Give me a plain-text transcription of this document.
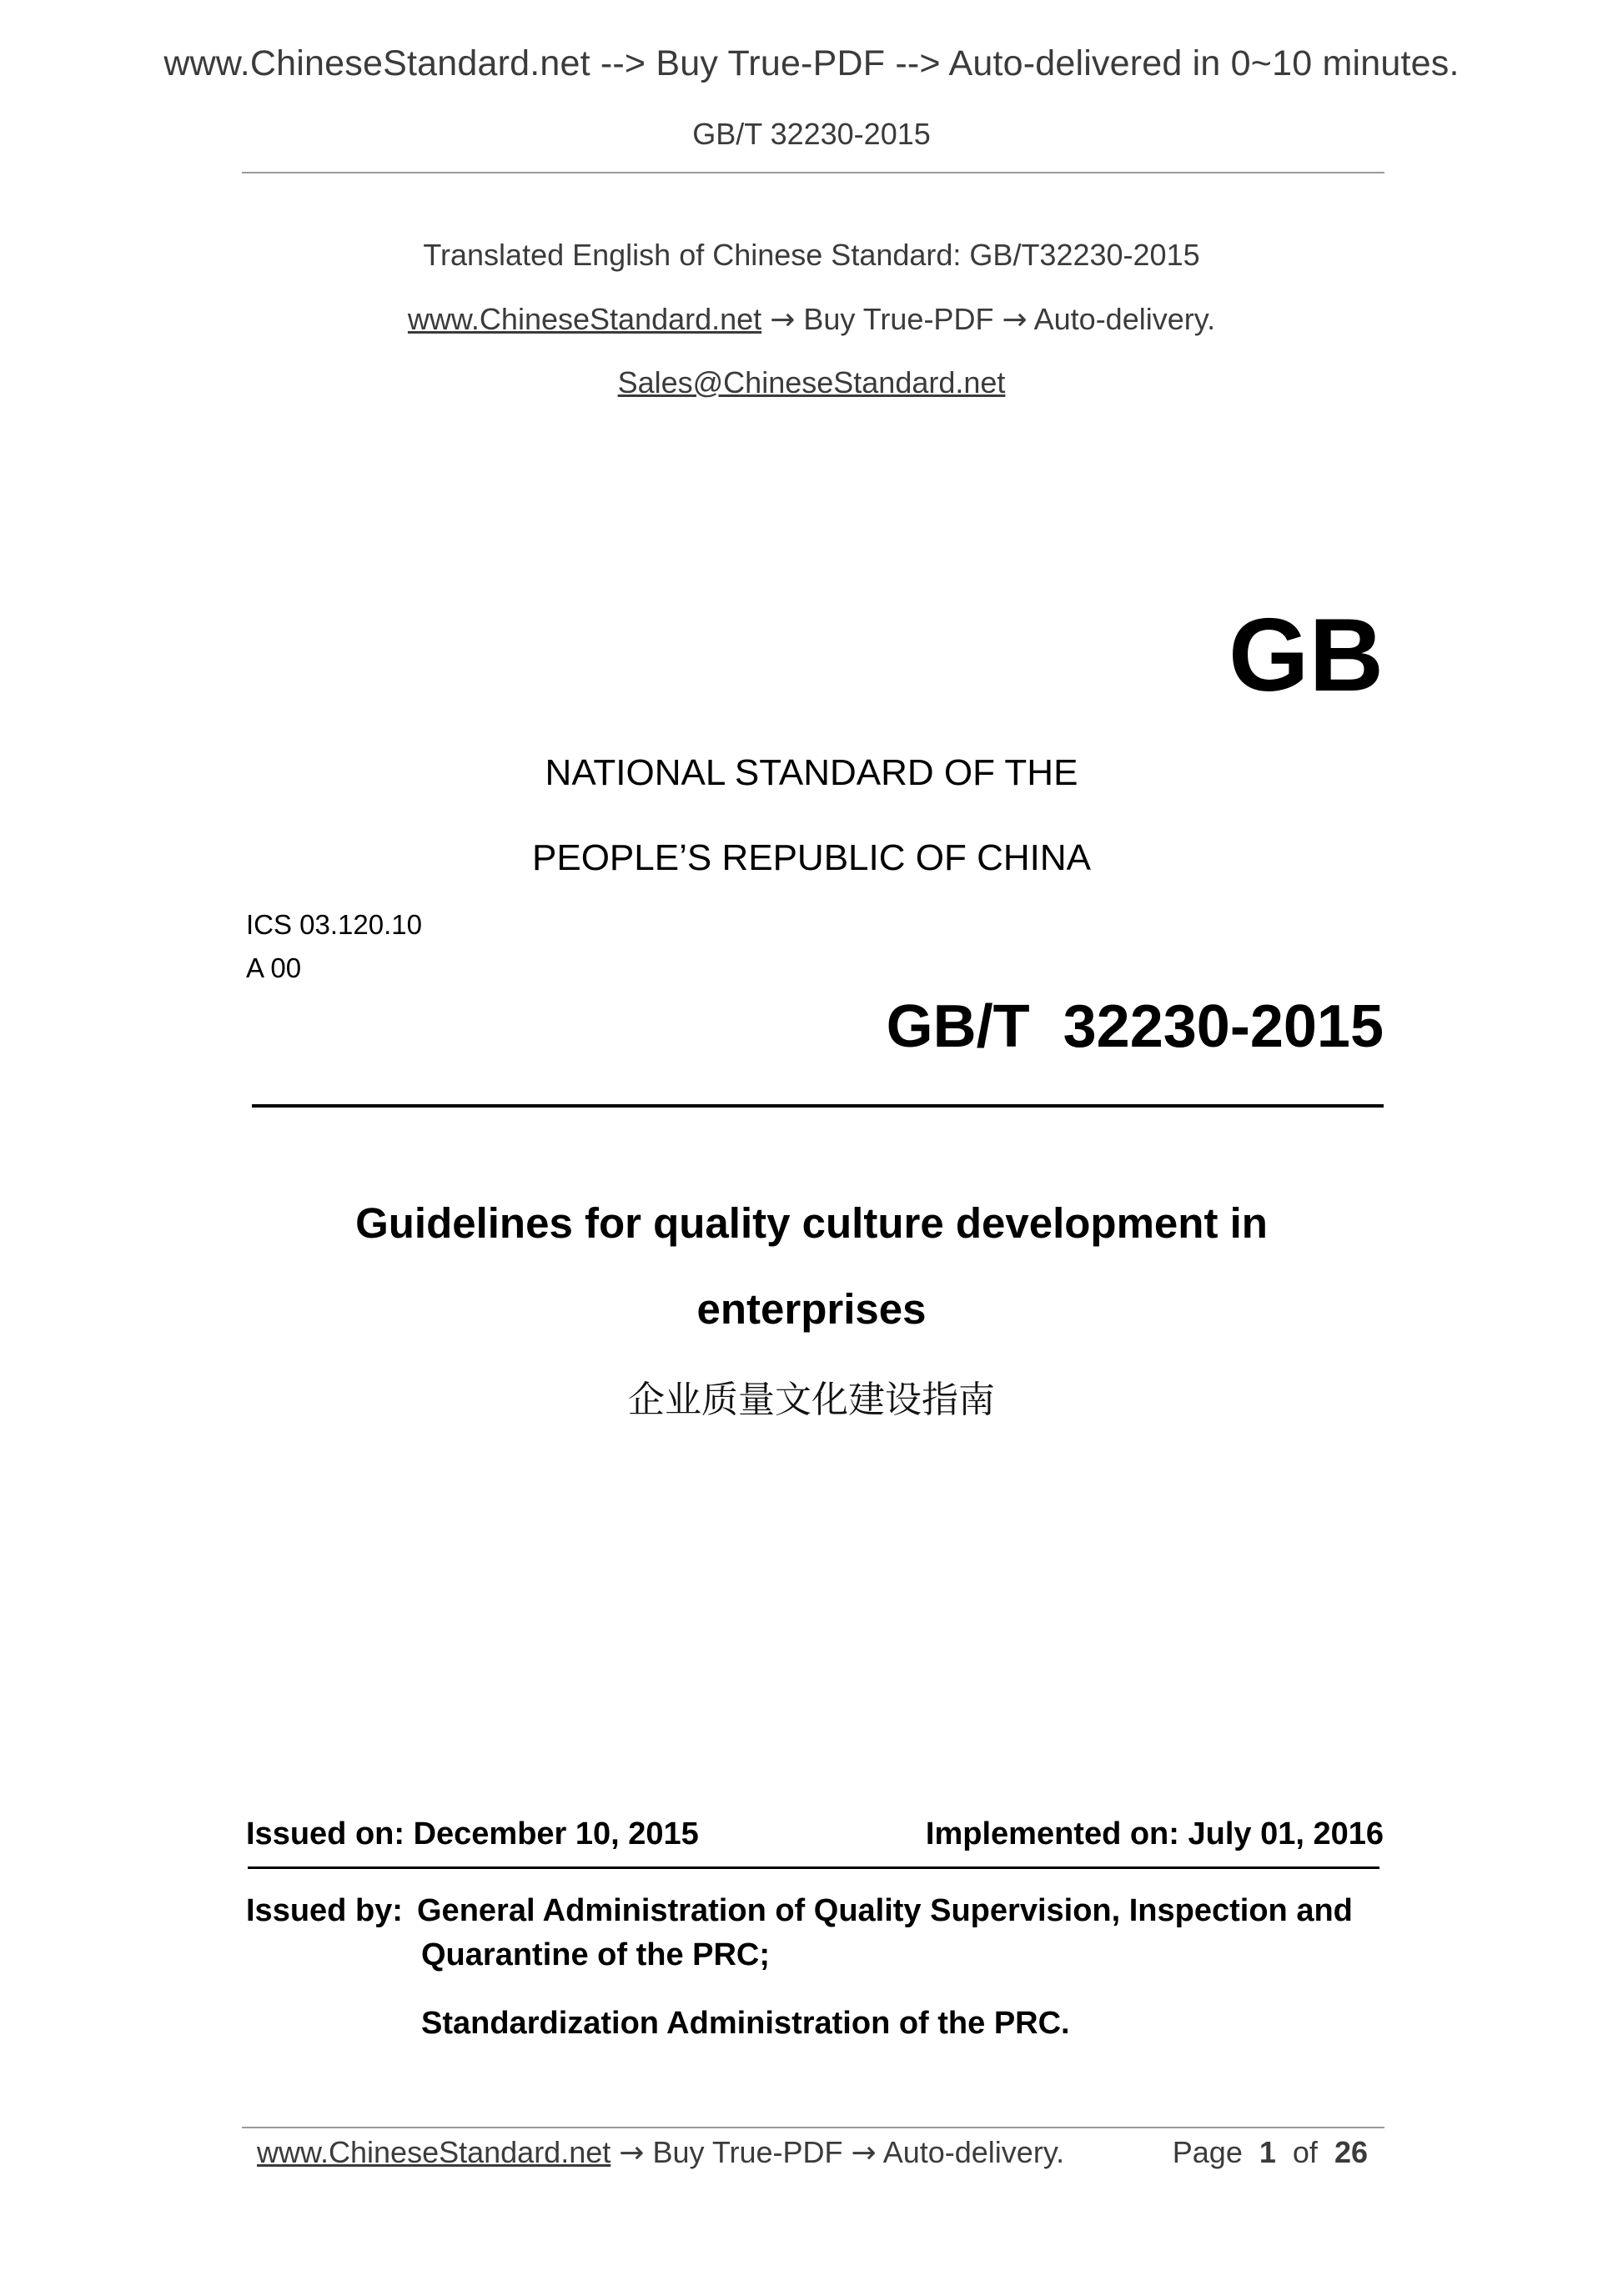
www.ChineseStandard.net --> Buy True-PDF --> Auto-delivered in 0~10 minutes.
GB/T 32230-2015
Translated English of Chinese Standard: GB/T32230-2015
www.ChineseStandard.net → Buy True-PDF → Auto-delivery.
Sales@ChineseStandard.net
GB
NATIONAL STANDARD OF THE
PEOPLE’S REPUBLIC OF CHINA
ICS 03.120.10
A 00
GB/T  32230-2015
Guidelines for quality culture development in
enterprises
企业质量文化建设指南
Issued on: December 10, 2015	Implemented on: July 01, 2016
Issued by: General Administration of Quality Supervision, Inspection and
Quarantine of the PRC;
Standardization Administration of the PRC.
www.ChineseStandard.net → Buy True-PDF → Auto-delivery.	Page 1 of 26
